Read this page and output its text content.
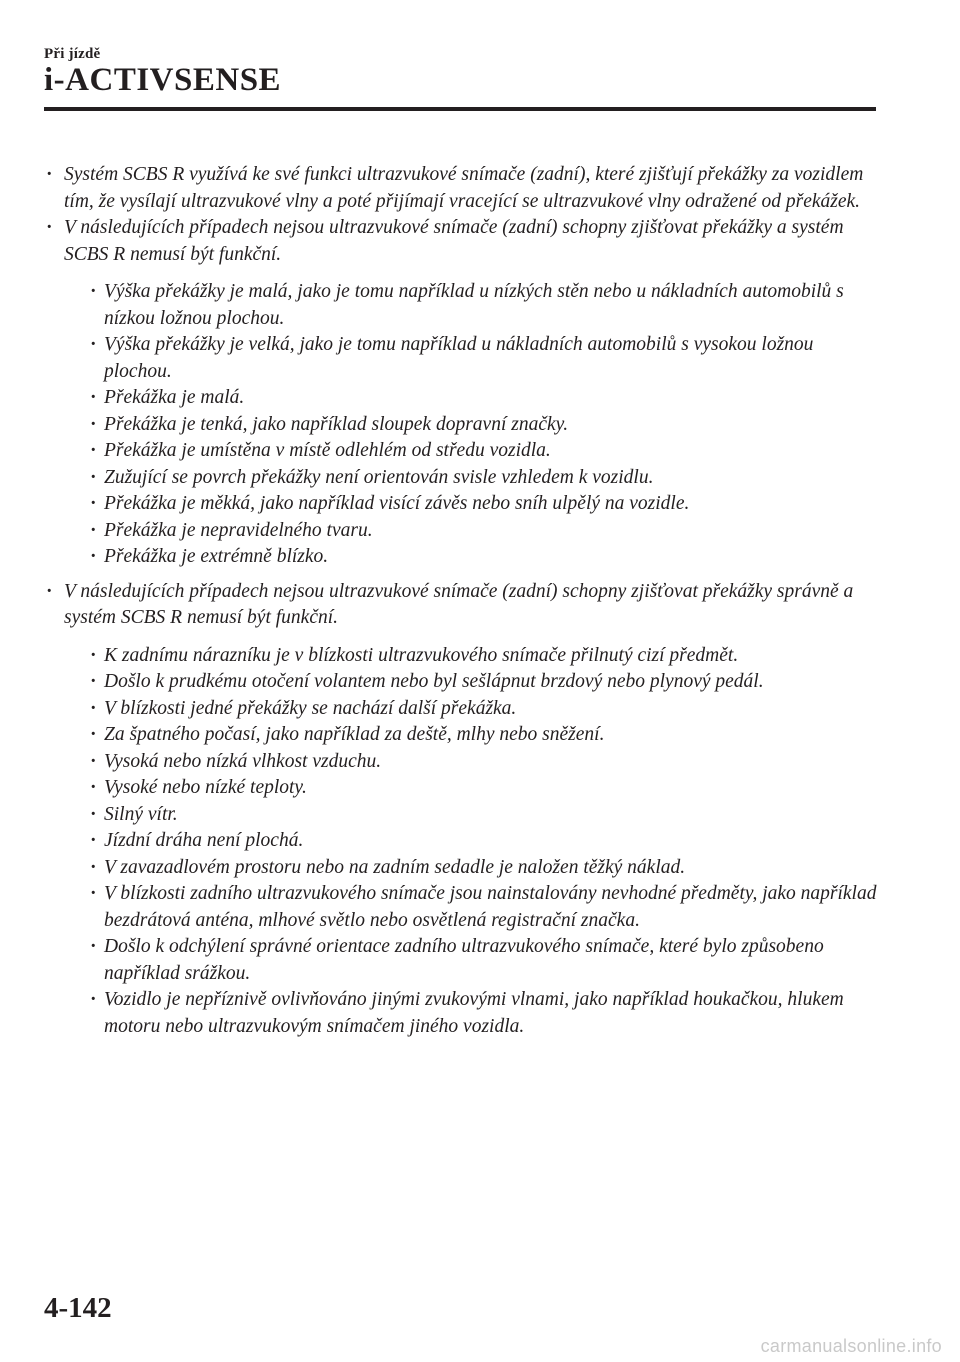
Při jízdě
i-ACTIVSENSE
· Systém SCBS R využívá ke své funkci ultrazvukové snímače (zadní), které zjišťují překážky za vozidlem tím, že vysílají ultrazvukové vlny a poté přijímají vracející se ultrazvukové vlny odražené od překážek.
· V následujících případech nejsou ultrazvukové snímače (zadní) schopny zjišťovat překážky a systém SCBS R nemusí být funkční.
· Výška překážky je malá, jako je tomu například u nízkých stěn nebo u nákladních automobilů s nízkou ložnou plochou.
· Výška překážky je velká, jako je tomu například u nákladních automobilů s vysokou ložnou plochou.
· Překážka je malá.
· Překážka je tenká, jako například sloupek dopravní značky.
· Překážka je umístěna v místě odlehlém od středu vozidla.
· Zužující se povrch překážky není orientován svisle vzhledem k vozidlu.
· Překážka je měkká, jako například visící závěs nebo sníh ulpělý na vozidle.
· Překážka je nepravidelného tvaru.
· Překážka je extrémně blízko.
· V následujících případech nejsou ultrazvukové snímače (zadní) schopny zjišťovat překážky správně a systém SCBS R nemusí být funkční.
· K zadnímu nárazníku je v blízkosti ultrazvukového snímače přilnutý cizí předmět.
· Došlo k prudkému otočení volantem nebo byl sešlápnut brzdový nebo plynový pedál.
· V blízkosti jedné překážky se nachází další překážka.
· Za špatného počasí, jako například za deště, mlhy nebo sněžení.
· Vysoká nebo nízká vlhkost vzduchu.
· Vysoké nebo nízké teploty.
· Silný vítr.
· Jízdní dráha není plochá.
· V zavazadlovém prostoru nebo na zadním sedadle je naložen těžký náklad.
· V blízkosti zadního ultrazvukového snímače jsou nainstalovány nevhodné předměty, jako například bezdrátová anténa, mlhové světlo nebo osvětlená registrační značka.
· Došlo k odchýlení správné orientace zadního ultrazvukového snímače, které bylo způsobeno například srážkou.
· Vozidlo je nepříznivě ovlivňováno jinými zvukovými vlnami, jako například houkačkou, hlukem motoru nebo ultrazvukovým snímačem jiného vozidla.
4-142
carmanualsonline.info
